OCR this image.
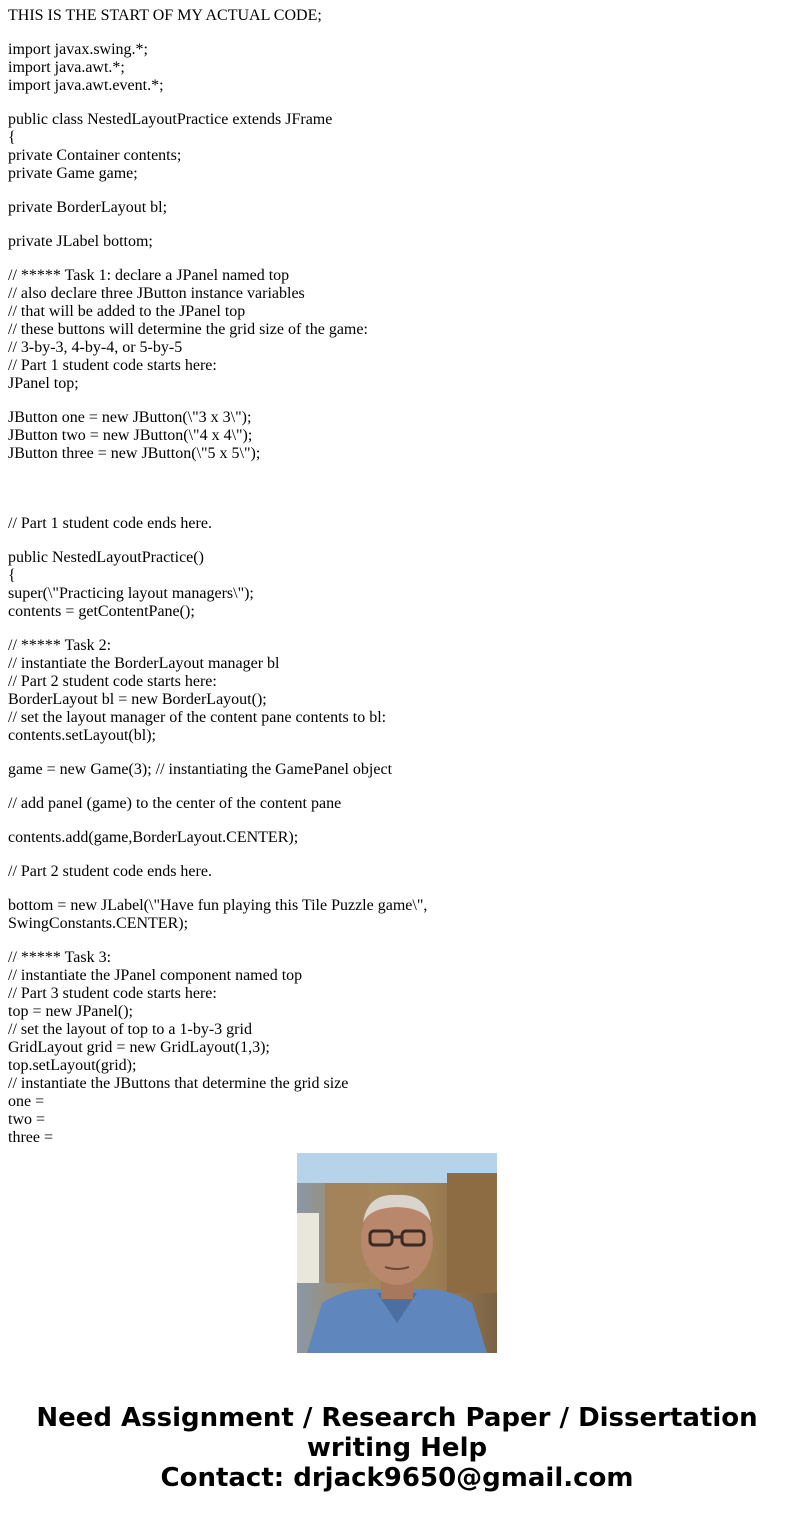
THIS IS THE START OF MY ACTUAL CODE;
import javax.swing.*;
import java.awt.*;
import java.awt.event.*;
public class NestedLayoutPractice extends JFrame
{
private Container contents;
private Game game;
private BorderLayout bl;
private JLabel bottom;
// ***** Task 1: declare a JPanel named top
// also declare three JButton instance variables
// that will be added to the JPanel top
// these buttons will determine the grid size of the game:
// 3-by-3, 4-by-4, or 5-by-5
// Part 1 student code starts here:
JPanel top;
JButton one = new JButton(\"3 x 3\");
JButton two = new JButton(\"4 x 4\");
JButton three = new JButton(\"5 x 5\");
// Part 1 student code ends here.
public NestedLayoutPractice()
{
super(\"Practicing layout managers\");
contents = getContentPane();
// ***** Task 2:
// instantiate the BorderLayout manager bl
// Part 2 student code starts here:
BorderLayout bl = new BorderLayout();
// set the layout manager of the content pane contents to bl:
contents.setLayout(bl);
game = new Game(3); // instantiating the GamePanel object
// add panel (game) to the center of the content pane
contents.add(game,BorderLayout.CENTER);
// Part 2 student code ends here.
bottom = new JLabel(\"Have fun playing this Tile Puzzle game\",
SwingConstants.CENTER);
// ***** Task 3:
// instantiate the JPanel component named top
// Part 3 student code starts here:
top = new JPanel();
// set the layout of top to a 1-by-3 grid
GridLayout grid = new GridLayout(1,3);
top.setLayout(grid);
// instantiate the JButtons that determine the grid size
one =
two =
three =
Need Assignment / Research Paper / Dissertation
writing Help
Contact: drjack9650@gmail.com
